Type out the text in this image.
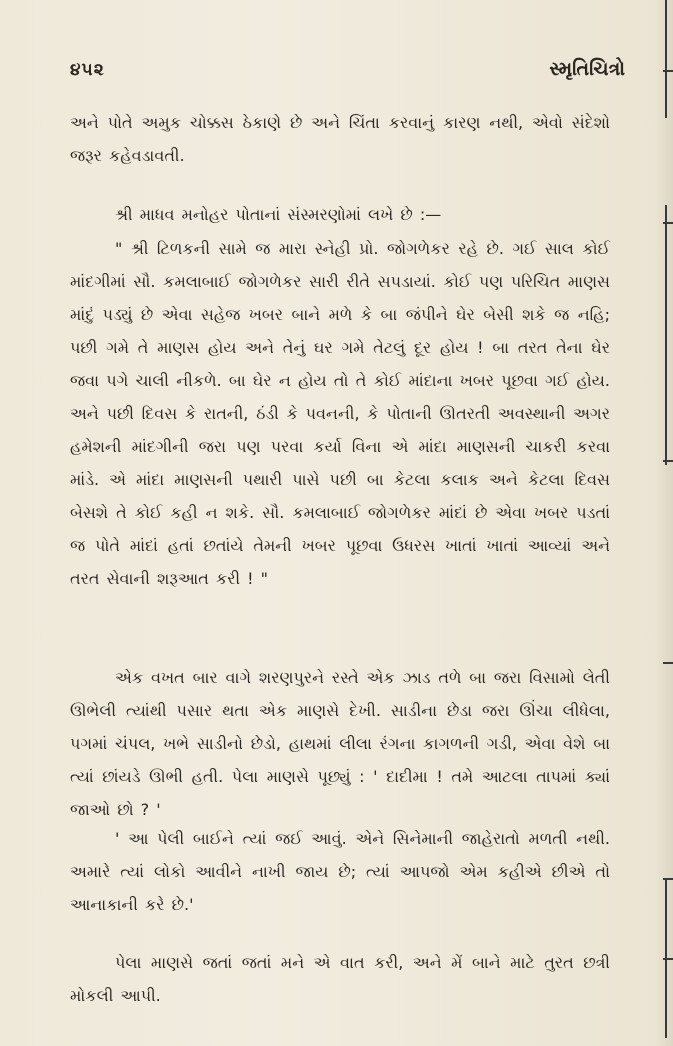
૪૫૨	સ્મૃતિચિત્રો
અને પોતે અમુક ચોક્કસ ઠેકાણે છે અને ચિંતા કરવાનું કારણ નથી, એવો સંદેશો જરૂર કહેવડાવતી.
શ્રી માધવ મનોહર પોતાનાં સંસ્મરણોમાં લખે છે :—
" શ્રી ટિળકની સામે જ મારા સ્નેહી પ્રો. જોગળેકર રહે છે. ગઈ સાલ કોઈ માંદગીમાં સૌ. કમલાબાઈ જોગળેકર સારી રીતે સપડાયાં. કોઈ પણ પરિચિત માણસ માંદું પડ્યું છે એવા સહેજ ખબર બાને મળે કે બા જંપીને ઘેર બેસી શકે જ નહિ; પછી ગમે તે માણસ હોય અને તેનું ઘર ગમે તેટલું દૂર હોય ! બા તરત તેના ઘેર જવા પગે ચાલી નીકળે. બા ઘેર ન હોય તો તે કોઈ માંદાના ખબર પૂછવા ગઈ હોય. અને પછી દિવસ કે રાતની, ઠંડી કે પવનની, કે પોતાની ઊતરતી અવસ્થાની અગર હમેશની માંદગીની જરા પણ પરવા કર્યા વિના એ માંદા માણસની ચાકરી કરવા માંડે. એ માંદા માણસની પથારી પાસે પછી બા કેટલા કલાક અને કેટલા દિવસ બેસશે તે કોઈ કહી ન શકે. સૌ. કમલાબાઈ જોગળેકર માંદાં છે એવા ખબર પડતાં જ પોતે માંદાં હતાં છતાંયે તેમની ખબર પૂછવા ઉધરસ ખાતાં ખાતાં આવ્યાં અને તરત સેવાની શરૂઆત કરી ! "
એક વખત બાર વાગે શરણપુરને રસ્તે એક ઝાડ તળે બા જરા વિસામો લેતી ઊભેલી ત્યાંથી પસાર થતા એક માણસે દેખી. સાડીના છેડા જરા ઊંચા લીધેલા, પગમાં ચંપલ, ખભે સાડીનો છેડો, હાથમાં લીલા રંગના કાગળની ગડી, એવા વેશે બા ત્યાં છાંયડે ઊભી હતી. પેલા માણસે પૂછ્યું : ' દાદીમા ! તમે આટલા તાપમાં ક્યાં જાઓ છો ? '
' આ પેલી બાઈને ત્યાં જઈ આવું. એને સિનેમાની જાહેરાતો મળતી નથી. અમારે ત્યાં લોકો આવીને નાખી જાય છે; ત્યાં આપજો એમ કહીએ છીએ તો આનાકાની કરે છે.'
પેલા માણસે જતાં જતાં મને એ વાત કરી, અને મેં બાને માટે તુરત છત્રી મોકલી આપી.
